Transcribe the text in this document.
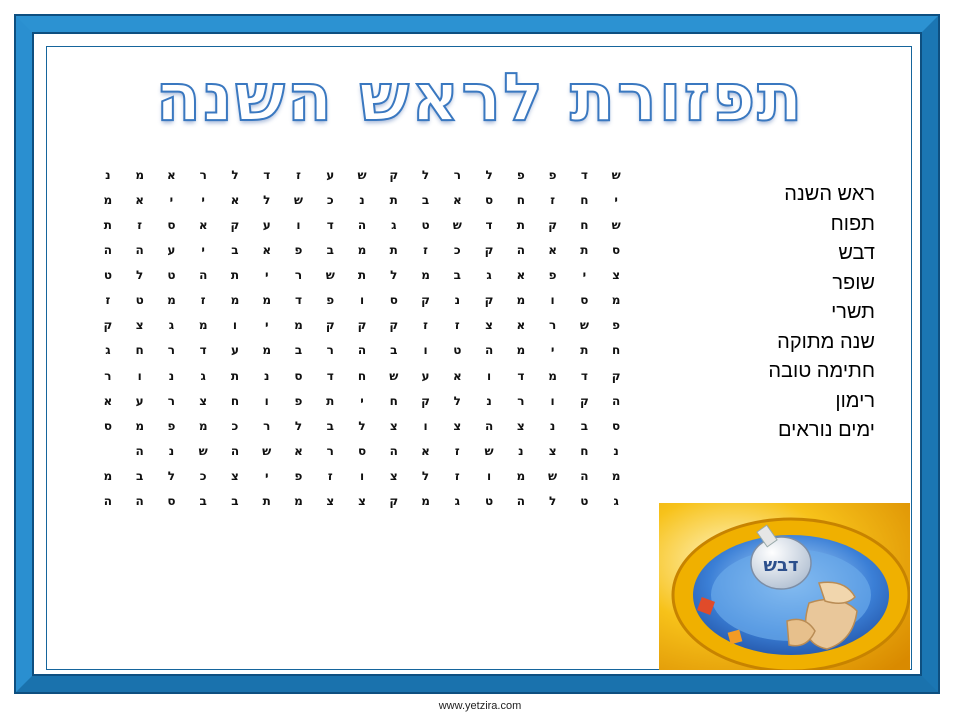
תפזורת לראש השנה
ש
ד
פ
פ
ל
ר
ל
ק
ש
ע
ז
ד
ל
ר
א
מ
נ
י
ח
ז
ח
ס
א
ב
ת
נ
כ
ש
ל
א
י
י
א
מ
ש
ח
ק
ת
ד
ש
ט
ג
ה
ד
ו
ע
ק
א
ס
ז
ת
ס
ת
א
ה
ק
כ
ז
ת
מ
ב
פ
א
ב
י
ע
ה
ה
צ
י
פ
א
ג
ב
מ
ל
ת
ש
ר
י
ת
ה
ט
ל
ט
מ
ס
ו
מ
ק
נ
ק
ס
ו
פ
ד
מ
מ
ז
מ
ט
ז
פ
ש
ר
א
צ
ז
ז
ק
ק
ק
מ
י
ו
מ
ג
צ
ק
ח
ת
י
מ
ה
ט
ו
ב
ה
ר
ב
מ
ע
ד
ר
ח
ג
ק
ד
מ
ד
ו
א
ע
ש
ח
ד
ס
נ
ת
ג
נ
ו
ר
ה
ק
ו
ר
נ
ל
ק
ח
י
ת
פ
ו
ח
צ
ר
ע
א
ס
ב
נ
צ
ה
צ
ו
צ
ל
ב
ל
ר
כ
מ
פ
מ
ס
נ
ח
צ
נ
ש
ז
א
ה
ס
ר
א
ש
ה
ש
נ
ה
מ
ה
ש
מ
ו
ז
ל
צ
ו
ז
פ
י
צ
כ
ל
ב
מ
ג
ט
ל
ה
ט
ג
מ
ק
צ
צ
מ
ת
ב
ב
ס
ה
ה
ראש השנה
תפוח
דבש
שופר
תשרי
שנה מתוקה
חתימה טובה
רימון
ימים נוראים
דבש
www.yetzira.com
